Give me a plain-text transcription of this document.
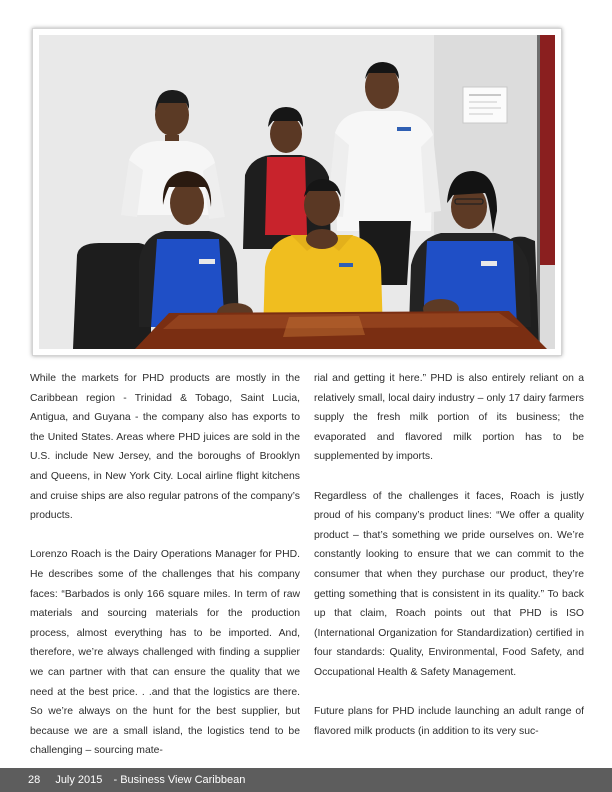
While the markets for PHD products are mostly in the Caribbean region - Trinidad & Tobago, Saint Lucia, Antigua, and Guyana - the company also has exports to the United States. Areas where PHD juices are sold in the U.S. include New Jersey, and the boroughs of Brooklyn and Queens, in New York City. Local airline flight kitchens and cruise ships are also regular patrons of the company’s products.

Lorenzo Roach is the Dairy Operations Manager for PHD. He describes some of the challenges that his company faces: “Barbados is only 166 square miles. In term of raw materials and sourcing materials for the production process, almost everything has to be imported. And, therefore, we’re always challenged with finding a supplier we can partner with that can ensure the quality that we need at the best price. . .and that the logistics are there. So we’re always on the hunt for the best supplier, but because we are a small island, the logistics tend to be challenging – sourcing mate-

rial and getting it here.” PHD is also entirely reliant on a relatively small, local dairy industry – only 17 dairy farmers supply the fresh milk portion of its business; the evaporated and flavored milk portion has to be supplemented by imports.

Regardless of the challenges it faces, Roach is justly proud of his company’s product lines: “We offer a quality product – that’s something we pride ourselves on. We’re constantly looking to ensure that we can commit to the consumer that when they purchase our product, they’re getting something that is consistent in its quality.” To back up that claim, Roach points out that PHD is ISO (International Organization for Standardization) certified in four standards: Quality, Environmental, Food Safety, and Occupational Health & Safety Management.

Future plans for PHD include launching an adult range of flavored milk products (in addition to its very suc-

28 July 2015 - Business View Caribbean
